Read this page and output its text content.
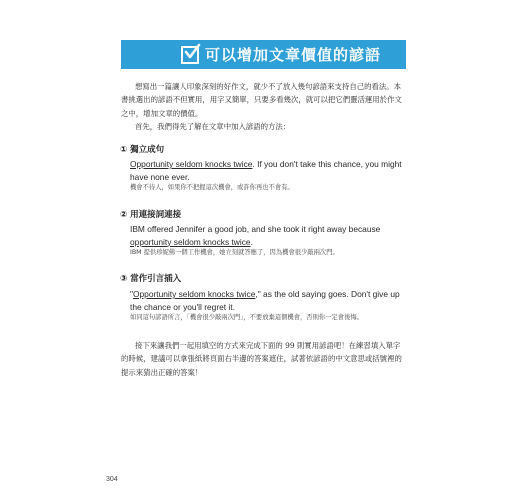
可以增加文章價值的諺語

想寫出一篇讓人印象深刻的好作文，就少不了放入幾句諺語來支持自己的看法。本書挑選出的諺語不但實用，用字又簡單，只要多看幾次，就可以把它們靈活運用於作文之中，增加文章的價值。

首先，我們得先了解在文章中加入諺語的方法：

① 獨立成句

Opportunity seldom knocks twice. If you don't take this chance, you might have none ever.

機會不待人，如果你不把握這次機會，或許你再也不會有。

② 用連接詞連接

IBM offered Jennifer a good job, and she took it right away because opportunity seldom knocks twice.

IBM 提供珍妮佛一個工作機會，她立刻就答應了，因為機會很少敲兩次門。

③ 當作引言插入

"Opportunity seldom knocks twice," as the old saying goes. Don't give up the chance or you'll regret it.

如同這句諺語所言，「機會很少敲兩次門」，不要放棄這個機會，否則你一定會後悔。

接下來讓我們一起用填空的方式來完成下面的 99 則實用諺語吧！在練習填入單字的時候，建議可以拿張紙將頁面右半邊的答案遮住，試著依諺語的中文意思或括號裡的提示來猜出正確的答案！

304
